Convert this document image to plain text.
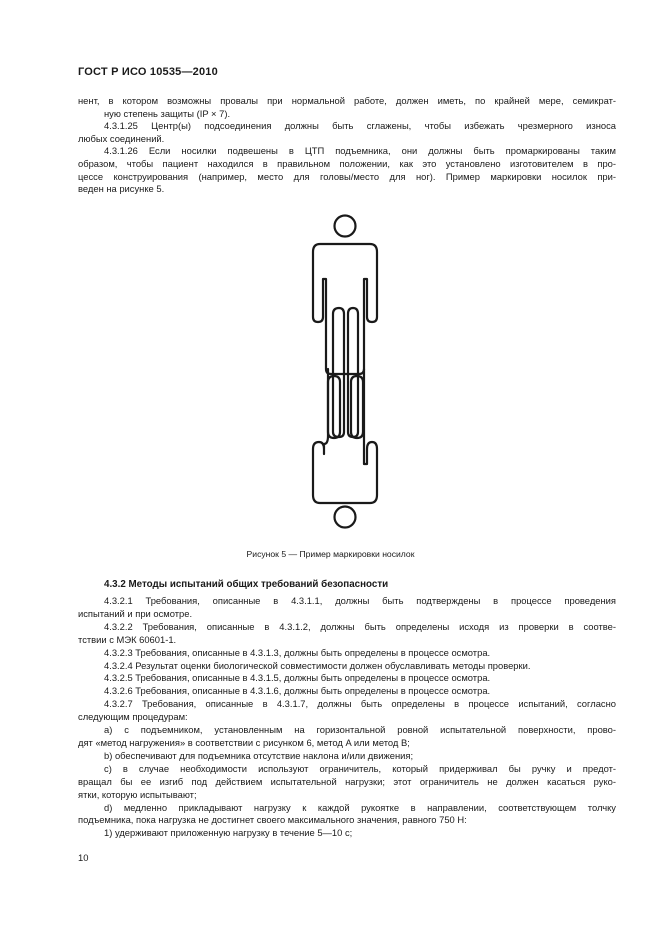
ГОСТ Р ИСО 10535—2010
нент, в котором возможны провалы при нормальной работе, должен иметь, по крайней мере, семикрат-
ную степень защиты (IP × 7).
4.3.1.25 Центр(ы) подсоединения должны быть сглажены, чтобы избежать чрезмерного износа
любых соединений.
4.3.1.26 Если носилки подвешены в ЦТП подъемника, они должны быть промаркированы таким
образом, чтобы пациент находился в правильном положении, как это установлено изготовителем в про-
цессе конструирования (например, место для головы/место для ног). Пример маркировки носилок при-
веден на рисунке 5.
Рисунок 5 — Пример маркировки носилок
4.3.2 Методы испытаний общих требований безопасности
4.3.2.1 Требования, описанные в 4.3.1.1, должны быть подтверждены в процессе проведения
испытаний и при осмотре.
4.3.2.2 Требования, описанные в 4.3.1.2, должны быть определены исходя из проверки в соотве-
тствии с МЭК 60601-1.
4.3.2.3 Требования, описанные в 4.3.1.3, должны быть определены в процессе осмотра.
4.3.2.4 Результат оценки биологической совместимости должен обуславливать методы проверки.
4.3.2.5 Требования, описанные в 4.3.1.5, должны быть определены в процессе осмотра.
4.3.2.6 Требования, описанные в 4.3.1.6, должны быть определены в процессе осмотра.
4.3.2.7 Требования, описанные в 4.3.1.7, должны быть определены в процессе испытаний, согласно
следующим процедурам:
a) с подъемником, установленным на горизонтальной ровной испытательной поверхности, прово-
дят «метод нагружения» в соответствии с рисунком 6, метод A или метод B;
b) обеспечивают для подъемника отсутствие наклона и/или движения;
c) в случае необходимости используют ограничитель, который придерживал бы ручку и предот-
вращал бы ее изгиб под действием испытательной нагрузки; этот ограничитель не должен касаться руко-
ятки, которую испытывают;
d) медленно прикладывают нагрузку к каждой рукоятке в направлении, соответствующем толчку
подъемника, пока нагрузка не достигнет своего максимального значения, равного 750 Н:
1) удерживают приложенную нагрузку в течение 5—10 с;
10
